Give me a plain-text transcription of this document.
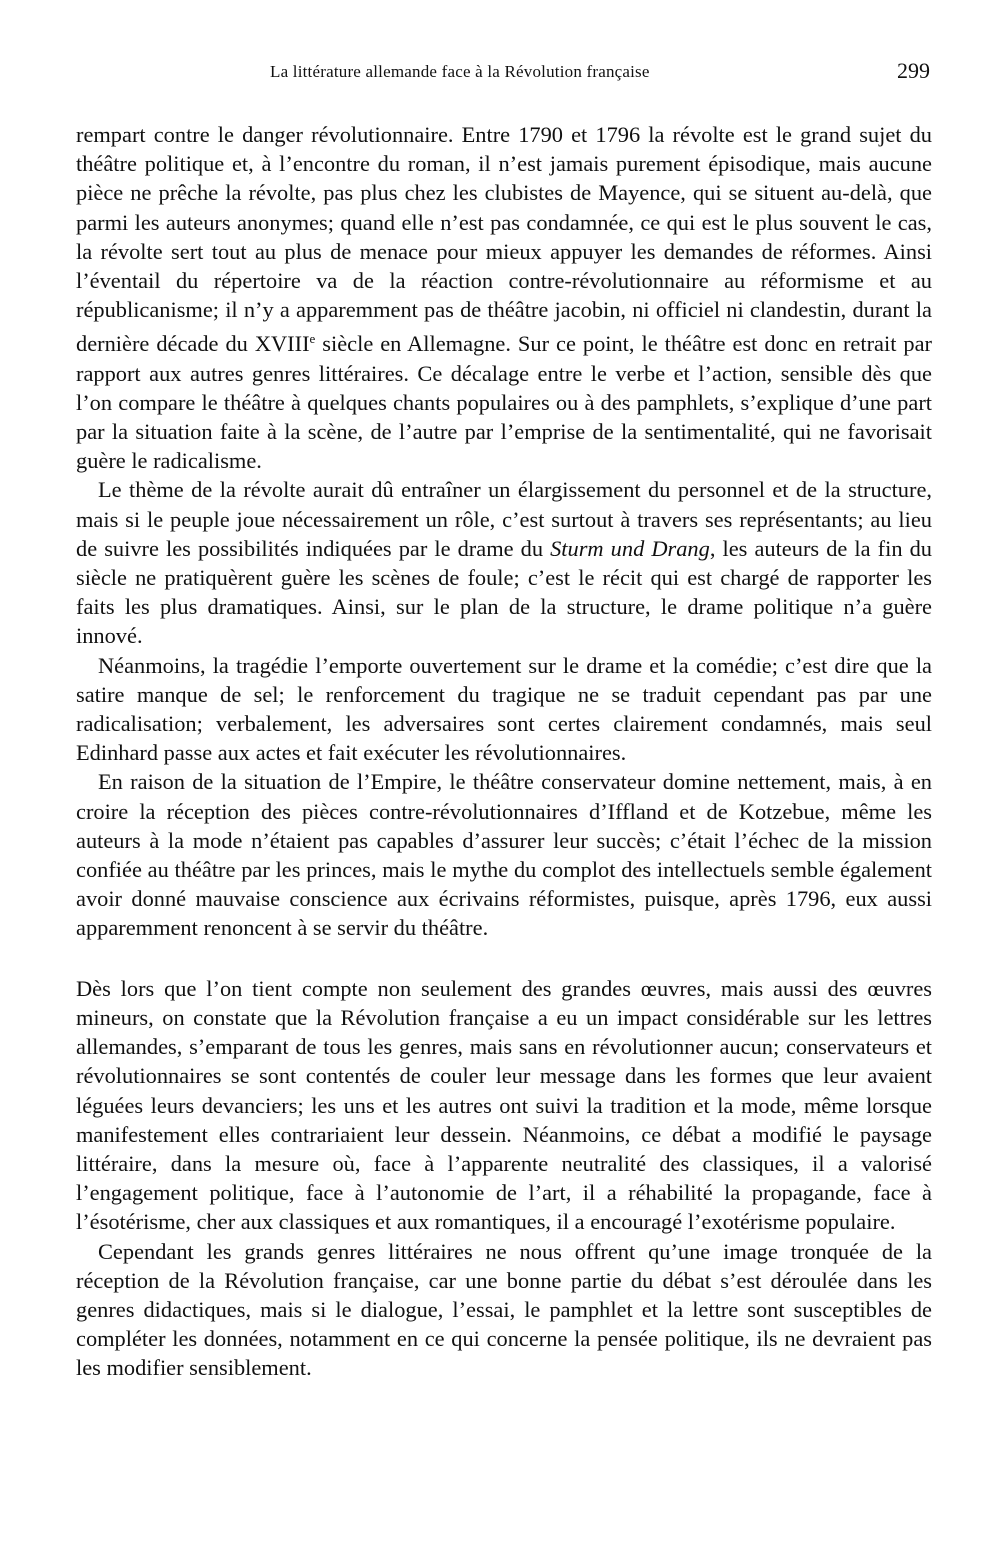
La littérature allemande face à la Révolution française	299

rempart contre le danger révolutionnaire. Entre 1790 et 1796 la révolte est le grand sujet du théâtre politique et, à l’encontre du roman, il n’est jamais purement épisodique, mais aucune pièce ne prêche la révolte, pas plus chez les clubistes de Mayence, qui se situent au-delà, que parmi les auteurs anonymes; quand elle n’est pas condamnée, ce qui est le plus souvent le cas, la révolte sert tout au plus de menace pour mieux appuyer les demandes de réformes. Ainsi l’éventail du répertoire va de la réaction contre-révolutionnaire au réformisme et au républicanisme; il n’y a apparemment pas de théâtre jacobin, ni officiel ni clandestin, durant la dernière décade du XVIIIe siècle en Allemagne. Sur ce point, le théâtre est donc en retrait par rapport aux autres genres littéraires. Ce décalage entre le verbe et l’action, sensible dès que l’on compare le théâtre à quelques chants populaires ou à des pamphlets, s’explique d’une part par la situation faite à la scène, de l’autre par l’emprise de la sentimentalité, qui ne favorisait guère le radicalisme.

Le thème de la révolte aurait dû entraîner un élargissement du personnel et de la structure, mais si le peuple joue nécessairement un rôle, c’est surtout à travers ses représentants; au lieu de suivre les possibilités indiquées par le drame du Sturm und Drang, les auteurs de la fin du siècle ne pratiquèrent guère les scènes de foule; c’est le récit qui est chargé de rapporter les faits les plus dramatiques. Ainsi, sur le plan de la structure, le drame politique n’a guère innové.

Néanmoins, la tragédie l’emporte ouvertement sur le drame et la comédie; c’est dire que la satire manque de sel; le renforcement du tragique ne se traduit cependant pas par une radicalisation; verbalement, les adversaires sont certes clairement condamnés, mais seul Edinhard passe aux actes et fait exécuter les révolutionnaires.

En raison de la situation de l’Empire, le théâtre conservateur domine nettement, mais, à en croire la réception des pièces contre-révolutionnaires d’Iffland et de Kotzebue, même les auteurs à la mode n’étaient pas capables d’assurer leur succès; c’était l’échec de la mission confiée au théâtre par les princes, mais le mythe du complot des intellectuels semble également avoir donné mauvaise conscience aux écrivains réformistes, puisque, après 1796, eux aussi apparemment renoncent à se servir du théâtre.

Dès lors que l’on tient compte non seulement des grandes œuvres, mais aussi des œuvres mineurs, on constate que la Révolution française a eu un impact considérable sur les lettres allemandes, s’emparant de tous les genres, mais sans en révolutionner aucun; conservateurs et révolutionnaires se sont contentés de couler leur message dans les formes que leur avaient léguées leurs devanciers; les uns et les autres ont suivi la tradition et la mode, même lorsque manifestement elles contrariaient leur dessein. Néanmoins, ce débat a modifié le paysage littéraire, dans la mesure où, face à l’apparente neutralité des classiques, il a valorisé l’engagement politique, face à l’autonomie de l’art, il a réhabilité la propagande, face à l’ésotérisme, cher aux classiques et aux romantiques, il a encouragé l’exotérisme populaire.

Cependant les grands genres littéraires ne nous offrent qu’une image tronquée de la réception de la Révolution française, car une bonne partie du débat s’est déroulée dans les genres didactiques, mais si le dialogue, l’essai, le pamphlet et la lettre sont susceptibles de compléter les données, notamment en ce qui concerne la pensée politique, ils ne devraient pas les modifier sensiblement.
